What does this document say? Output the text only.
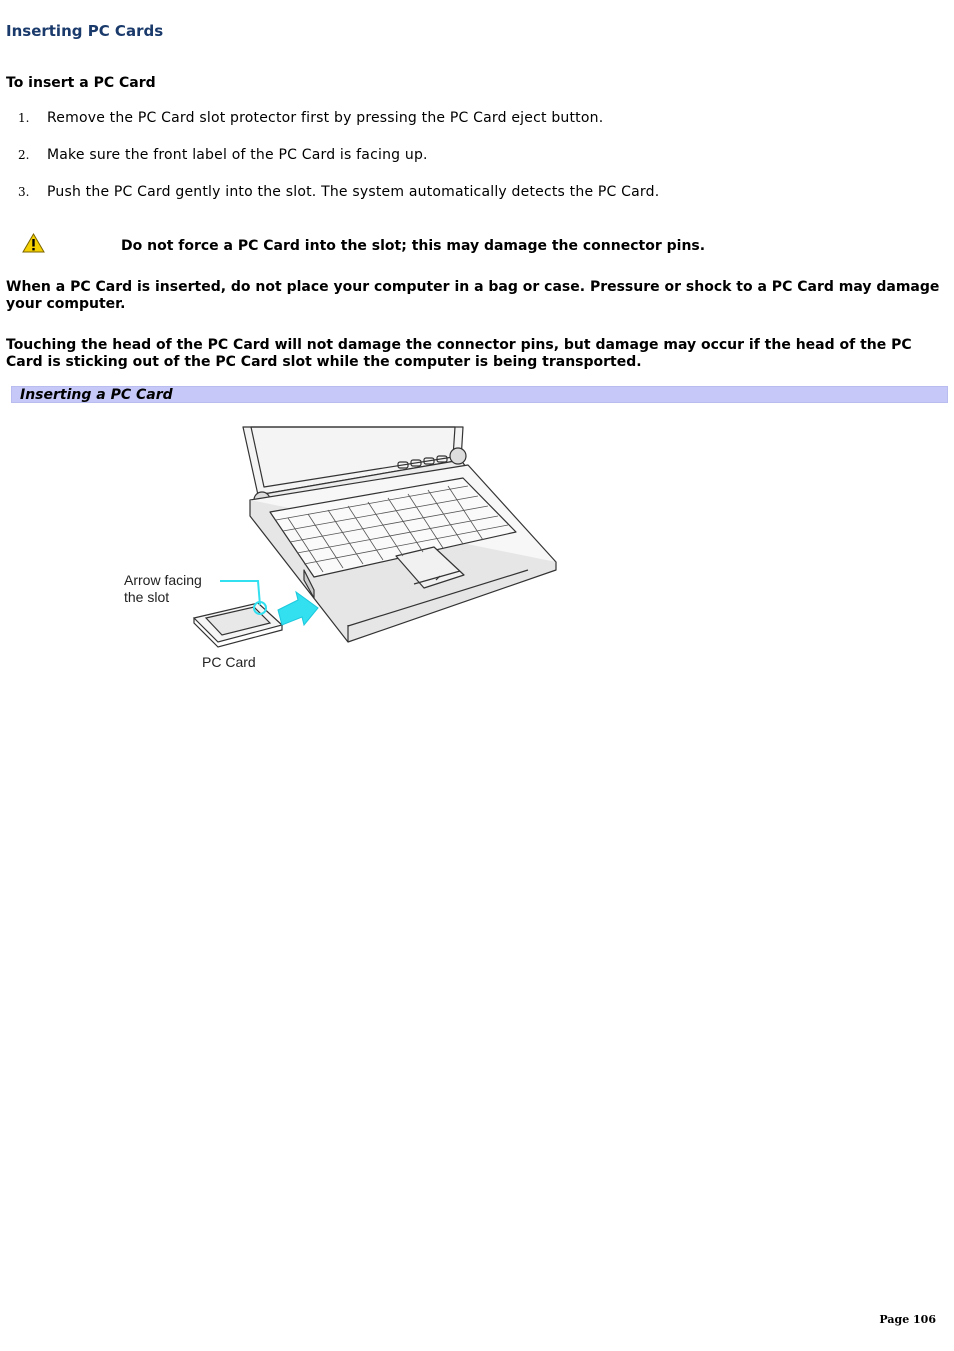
Inserting PC Cards
To insert a PC Card
1. Remove the PC Card slot protector first by pressing the PC Card eject button.
2. Make sure the front label of the PC Card is facing up.
3. Push the PC Card gently into the slot. The system automatically detects the PC Card.
Do not force a PC Card into the slot; this may damage the connector pins.

When a PC Card is inserted, do not place your computer in a bag or case. Pressure or shock to a PC Card may damage your computer.

Touching the head of the PC Card will not damage the connector pins, but damage may occur if the head of the PC Card is sticking out of the PC Card slot while the computer is being transported.

Inserting a PC Card
Arrow facing
the slot
PC Card
Page 106
